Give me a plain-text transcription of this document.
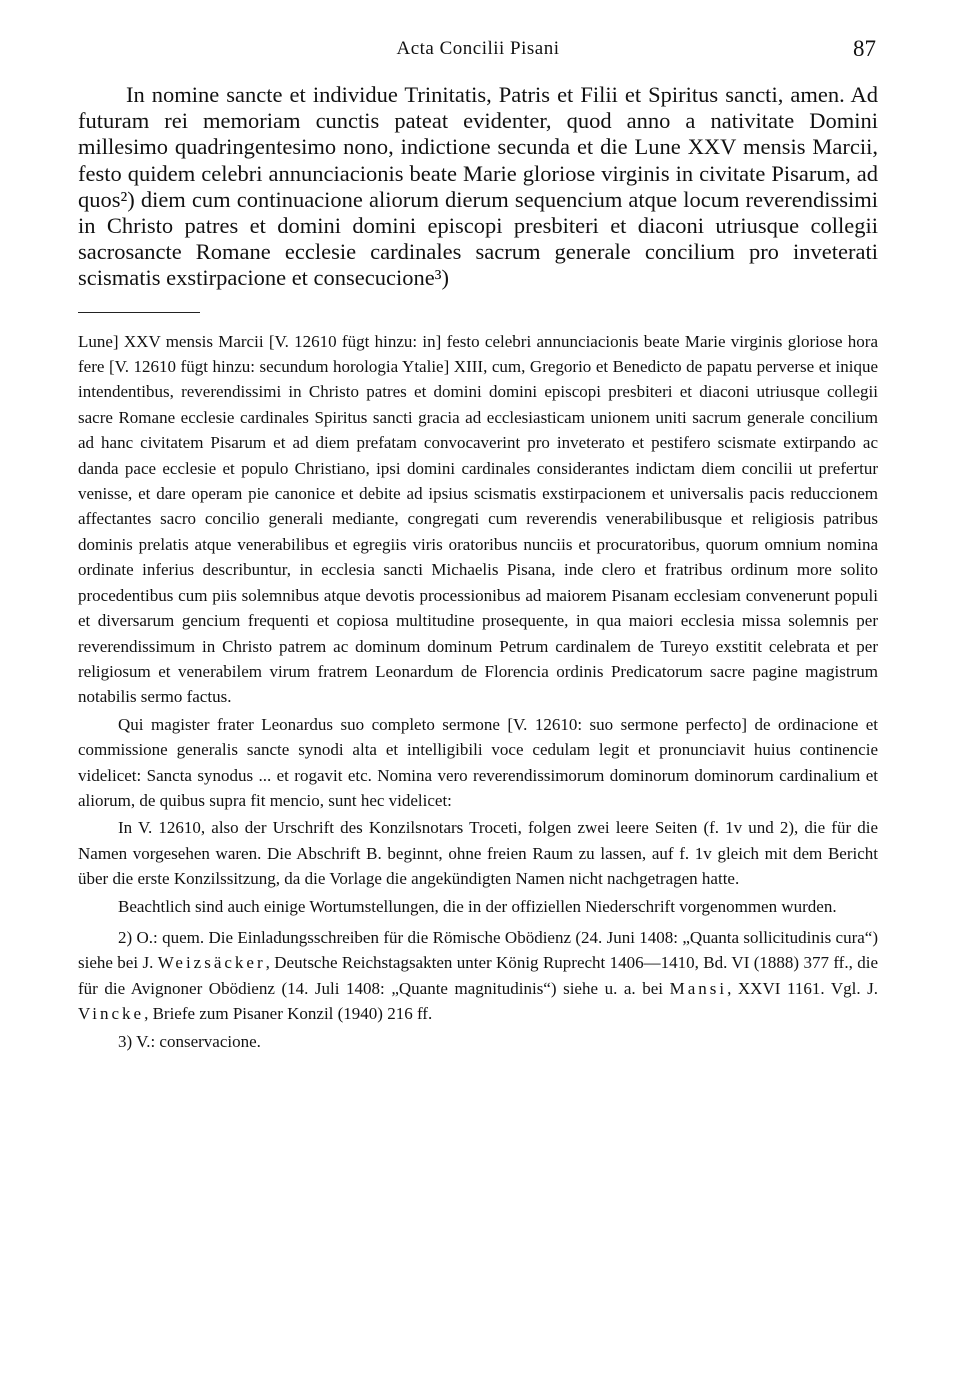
Acta Concilii Pisani	87

In nomine sancte et individue Trinitatis, Patris et Filii et Spiritus sancti, amen. Ad futuram rei memoriam cunctis pateat evidenter, quod anno a nativitate Domini millesimo quadringentesimo nono, indictione secunda et die Lune XXV mensis Marcii, festo quidem celebri annunciacionis beate Marie gloriose virginis in civitate Pisarum, ad quos²) diem cum continuacione aliorum dierum sequencium atque locum reverendissimi in Christo patres et domini domini episcopi presbiteri et diaconi utriusque collegii sacrosancte Romane ecclesie cardinales sacrum generale concilium pro inveterati scismatis exstirpacione et consecucione³)

Lune] XXV mensis Marcii [V. 12610 fügt hinzu: in] festo celebri annunciacionis beate Marie virginis gloriose hora fere [V. 12610 fügt hinzu: secundum horologia Ytalie] XIII, cum, Gregorio et Benedicto de papatu perverse et inique intendentibus, reverendissimi in Christo patres et domini domini episcopi presbiteri et diaconi utriusque collegii sacre Romane ecclesie cardinales Spiritus sancti gracia ad ecclesiasticam unionem uniti sacrum generale concilium ad hanc civitatem Pisarum et ad diem prefatam convocaverint pro inveterato et pestifero scismate extirpando ac danda pace ecclesie et populo Christiano, ipsi domini cardinales considerantes indictam diem concilii ut prefertur venisse, et dare operam pie canonice et debite ad ipsius scismatis exstirpacionem et universalis pacis reduccionem affectantes sacro concilio generali mediante, congregati cum reverendis venerabilibusque et religiosis patribus dominis prelatis atque venerabilibus et egregiis viris oratoribus nunciis et procuratoribus, quorum omnium nomina ordinate inferius describuntur, in ecclesia sancti Michaelis Pisana, inde clero et fratribus ordinum more solito procedentibus cum piis solemnibus atque devotis processionibus ad maiorem Pisanam ecclesiam convenerunt populi et diversarum gencium frequenti et copiosa multitudine prosequente, in qua maiori ecclesia missa solemnis per reverendissimum in Christo patrem ac dominum dominum Petrum cardinalem de Tureyo exstitit celebrata et per religiosum et venerabilem virum fratrem Leonardum de Florencia ordinis Predicatorum sacre pagine magistrum notabilis sermo factus.

Qui magister frater Leonardus suo completo sermone [V. 12610: suo sermone perfecto] de ordinacione et commissione generalis sancte synodi alta et intelligibili voce cedulam legit et pronunciavit huius continencie videlicet: Sancta synodus ... et rogavit etc. Nomina vero reverendissimorum dominorum dominorum cardinalium et aliorum, de quibus supra fit mencio, sunt hec videlicet:

In V. 12610, also der Urschrift des Konzilsnotars Troceti, folgen zwei leere Seiten (f. 1v und 2), die für die Namen vorgesehen waren. Die Abschrift B. beginnt, ohne freien Raum zu lassen, auf f. 1v gleich mit dem Bericht über die erste Konzilssitzung, da die Vorlage die angekündigten Namen nicht nachgetragen hatte.

Beachtlich sind auch einige Wortumstellungen, die in der offiziellen Niederschrift vorgenommen wurden.

2) O.: quem. Die Einladungsschreiben für die Römische Obödienz (24. Juni 1408: „Quanta sollicitudinis cura“) siehe bei J. Weizsäcker, Deutsche Reichstagsakten unter König Ruprecht 1406—1410, Bd. VI (1888) 377 ff., die für die Avignoner Obödienz (14. Juli 1408: „Quante magnitudinis“) siehe u. a. bei Mansi, XXVI 1161. Vgl. J. Vincke, Briefe zum Pisaner Konzil (1940) 216 ff.

3) V.: conservacione.
